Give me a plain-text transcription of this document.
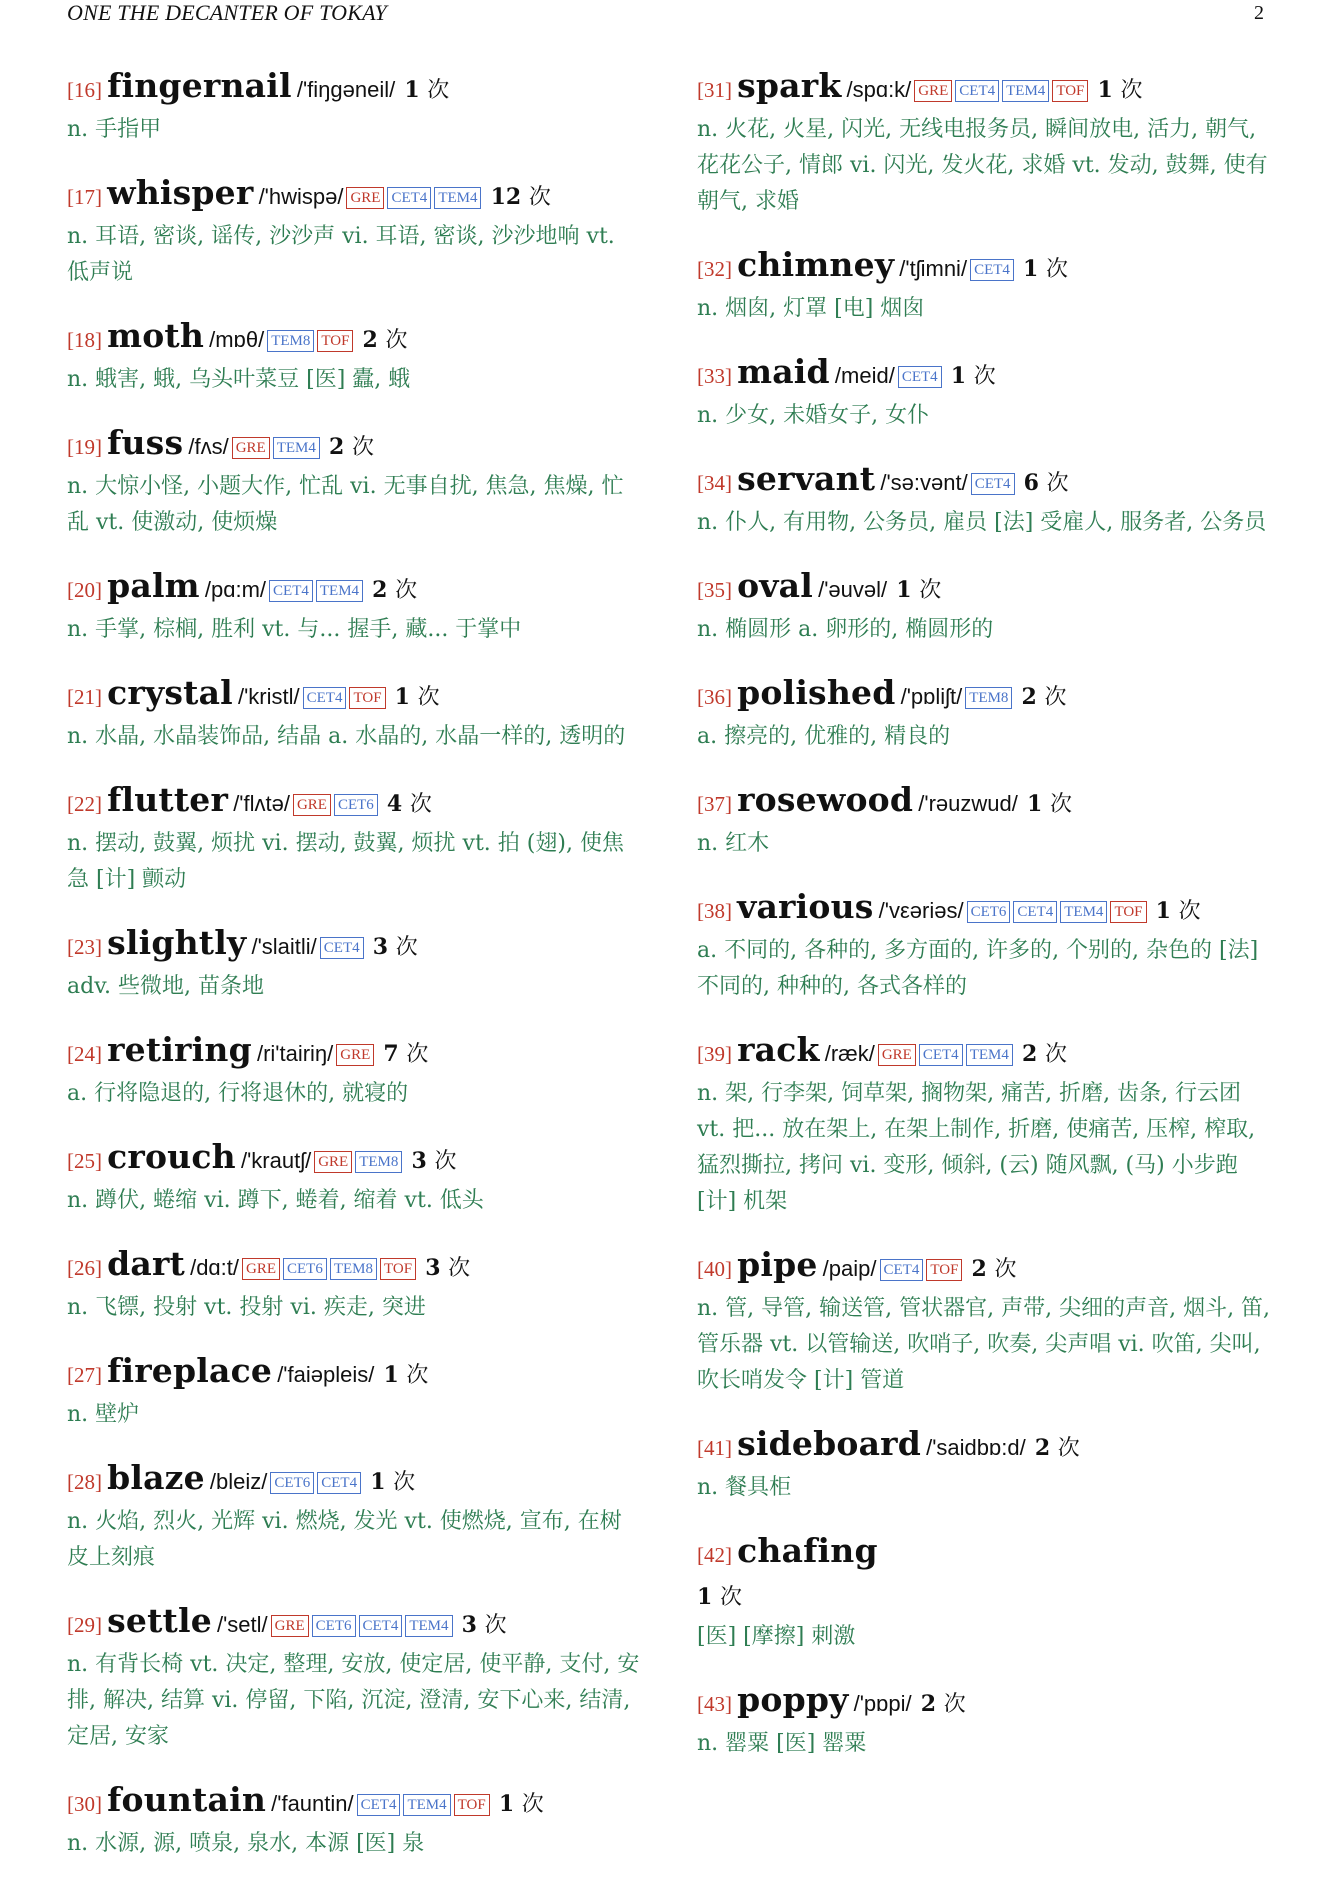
ONE THE DECANTER OF TOKAY	2
[16] fingernail /'fiŋgəneil/ 1 次
n. 手指甲
[17] whisper /'hwispə/ GRE CET4 TEM4 12 次
n. 耳语, 密谈, 谣传, 沙沙声 vi. 耳语, 密谈, 沙沙地响 vt. 低声说
[18] moth /mɒθ/ TEM8 TOF 2 次
n. 蛾害, 蛾, 乌头叶菜豆 [医] 蠹, 蛾
[19] fuss /fʌs/ GRE TEM4 2 次
n. 大惊小怪, 小题大作, 忙乱 vi. 无事自扰, 焦急, 焦燥, 忙乱 vt. 使激动, 使烦燥
[20] palm /pɑ:m/ CET4 TEM4 2 次
n. 手掌, 棕榈, 胜利 vt. 与... 握手, 藏... 于掌中
[21] crystal /'kristl/ CET4 TOF 1 次
n. 水晶, 水晶装饰品, 结晶 a. 水晶的, 水晶一样的, 透明的
[22] flutter /'flʌtə/ GRE CET6 4 次
n. 摆动, 鼓翼, 烦扰 vi. 摆动, 鼓翼, 烦扰 vt. 拍 (翅), 使焦急 [计] 颤动
[23] slightly /'slaitli/ CET4 3 次
adv. 些微地, 苗条地
[24] retiring /ri'tairiŋ/ GRE 7 次
a. 行将隐退的, 行将退休的, 就寝的
[25] crouch /'krautʃ/ GRE TEM8 3 次
n. 蹲伏, 蜷缩 vi. 蹲下, 蜷着, 缩着 vt. 低头
[26] dart /dɑ:t/ GRE CET6 TEM8 TOF 3 次
n. 飞镖, 投射 vt. 投射 vi. 疾走, 突进
[27] fireplace /'faiəpleis/ 1 次
n. 壁炉
[28] blaze /bleiz/ CET6 CET4 1 次
n. 火焰, 烈火, 光辉 vi. 燃烧, 发光 vt. 使燃烧, 宣布, 在树皮上刻痕
[29] settle /'setl/ GRE CET6 CET4 TEM4 3 次
n. 有背长椅 vt. 决定, 整理, 安放, 使定居, 使平静, 支付, 安排, 解决, 结算 vi. 停留, 下陷, 沉淀, 澄清, 安下心来, 结清, 定居, 安家
[30] fountain /'fauntin/ CET4 TEM4 TOF 1 次
n. 水源, 源, 喷泉, 泉水, 本源 [医] 泉
[31] spark /spɑ:k/ GRE CET4 TEM4 TOF 1 次
n. 火花, 火星, 闪光, 无线电报务员, 瞬间放电, 活力, 朝气, 花花公子, 情郎 vi. 闪光, 发火花, 求婚 vt. 发动, 鼓舞, 使有朝气, 求婚
[32] chimney /'tʃimni/ CET4 1 次
n. 烟囱, 灯罩 [电] 烟囱
[33] maid /meid/ CET4 1 次
n. 少女, 未婚女子, 女仆
[34] servant /'sə:vənt/ CET4 6 次
n. 仆人, 有用物, 公务员, 雇员 [法] 受雇人, 服务者, 公务员
[35] oval /'əuvəl/ 1 次
n. 椭圆形 a. 卵形的, 椭圆形的
[36] polished /'pɒliʃt/ TEM8 2 次
a. 擦亮的, 优雅的, 精良的
[37] rosewood /'rəuzwud/ 1 次
n. 红木
[38] various /'vεəriəs/ CET6 CET4 TEM4 TOF 1 次
a. 不同的, 各种的, 多方面的, 许多的, 个别的, 杂色的 [法] 不同的, 种种的, 各式各样的
[39] rack /ræk/ GRE CET4 TEM4 2 次
n. 架, 行李架, 饲草架, 搁物架, 痛苦, 折磨, 齿条, 行云团 vt. 把... 放在架上, 在架上制作, 折磨, 使痛苦, 压榨, 榨取, 猛烈撕拉, 拷问 vi. 变形, 倾斜, (云) 随风飘, (马) 小步跑 [计] 机架
[40] pipe /paip/ CET4 TOF 2 次
n. 管, 导管, 输送管, 管状器官, 声带, 尖细的声音, 烟斗, 笛, 管乐器 vt. 以管输送, 吹哨子, 吹奏, 尖声唱 vi. 吹笛, 尖叫, 吹长哨发令 [计] 管道
[41] sideboard /'saidbɒ:d/ 2 次
n. 餐具柜
[42] chafing
1 次
[医] [摩擦] 刺激
[43] poppy /'pɒpi/ 2 次
n. 罂粟 [医] 罂粟
